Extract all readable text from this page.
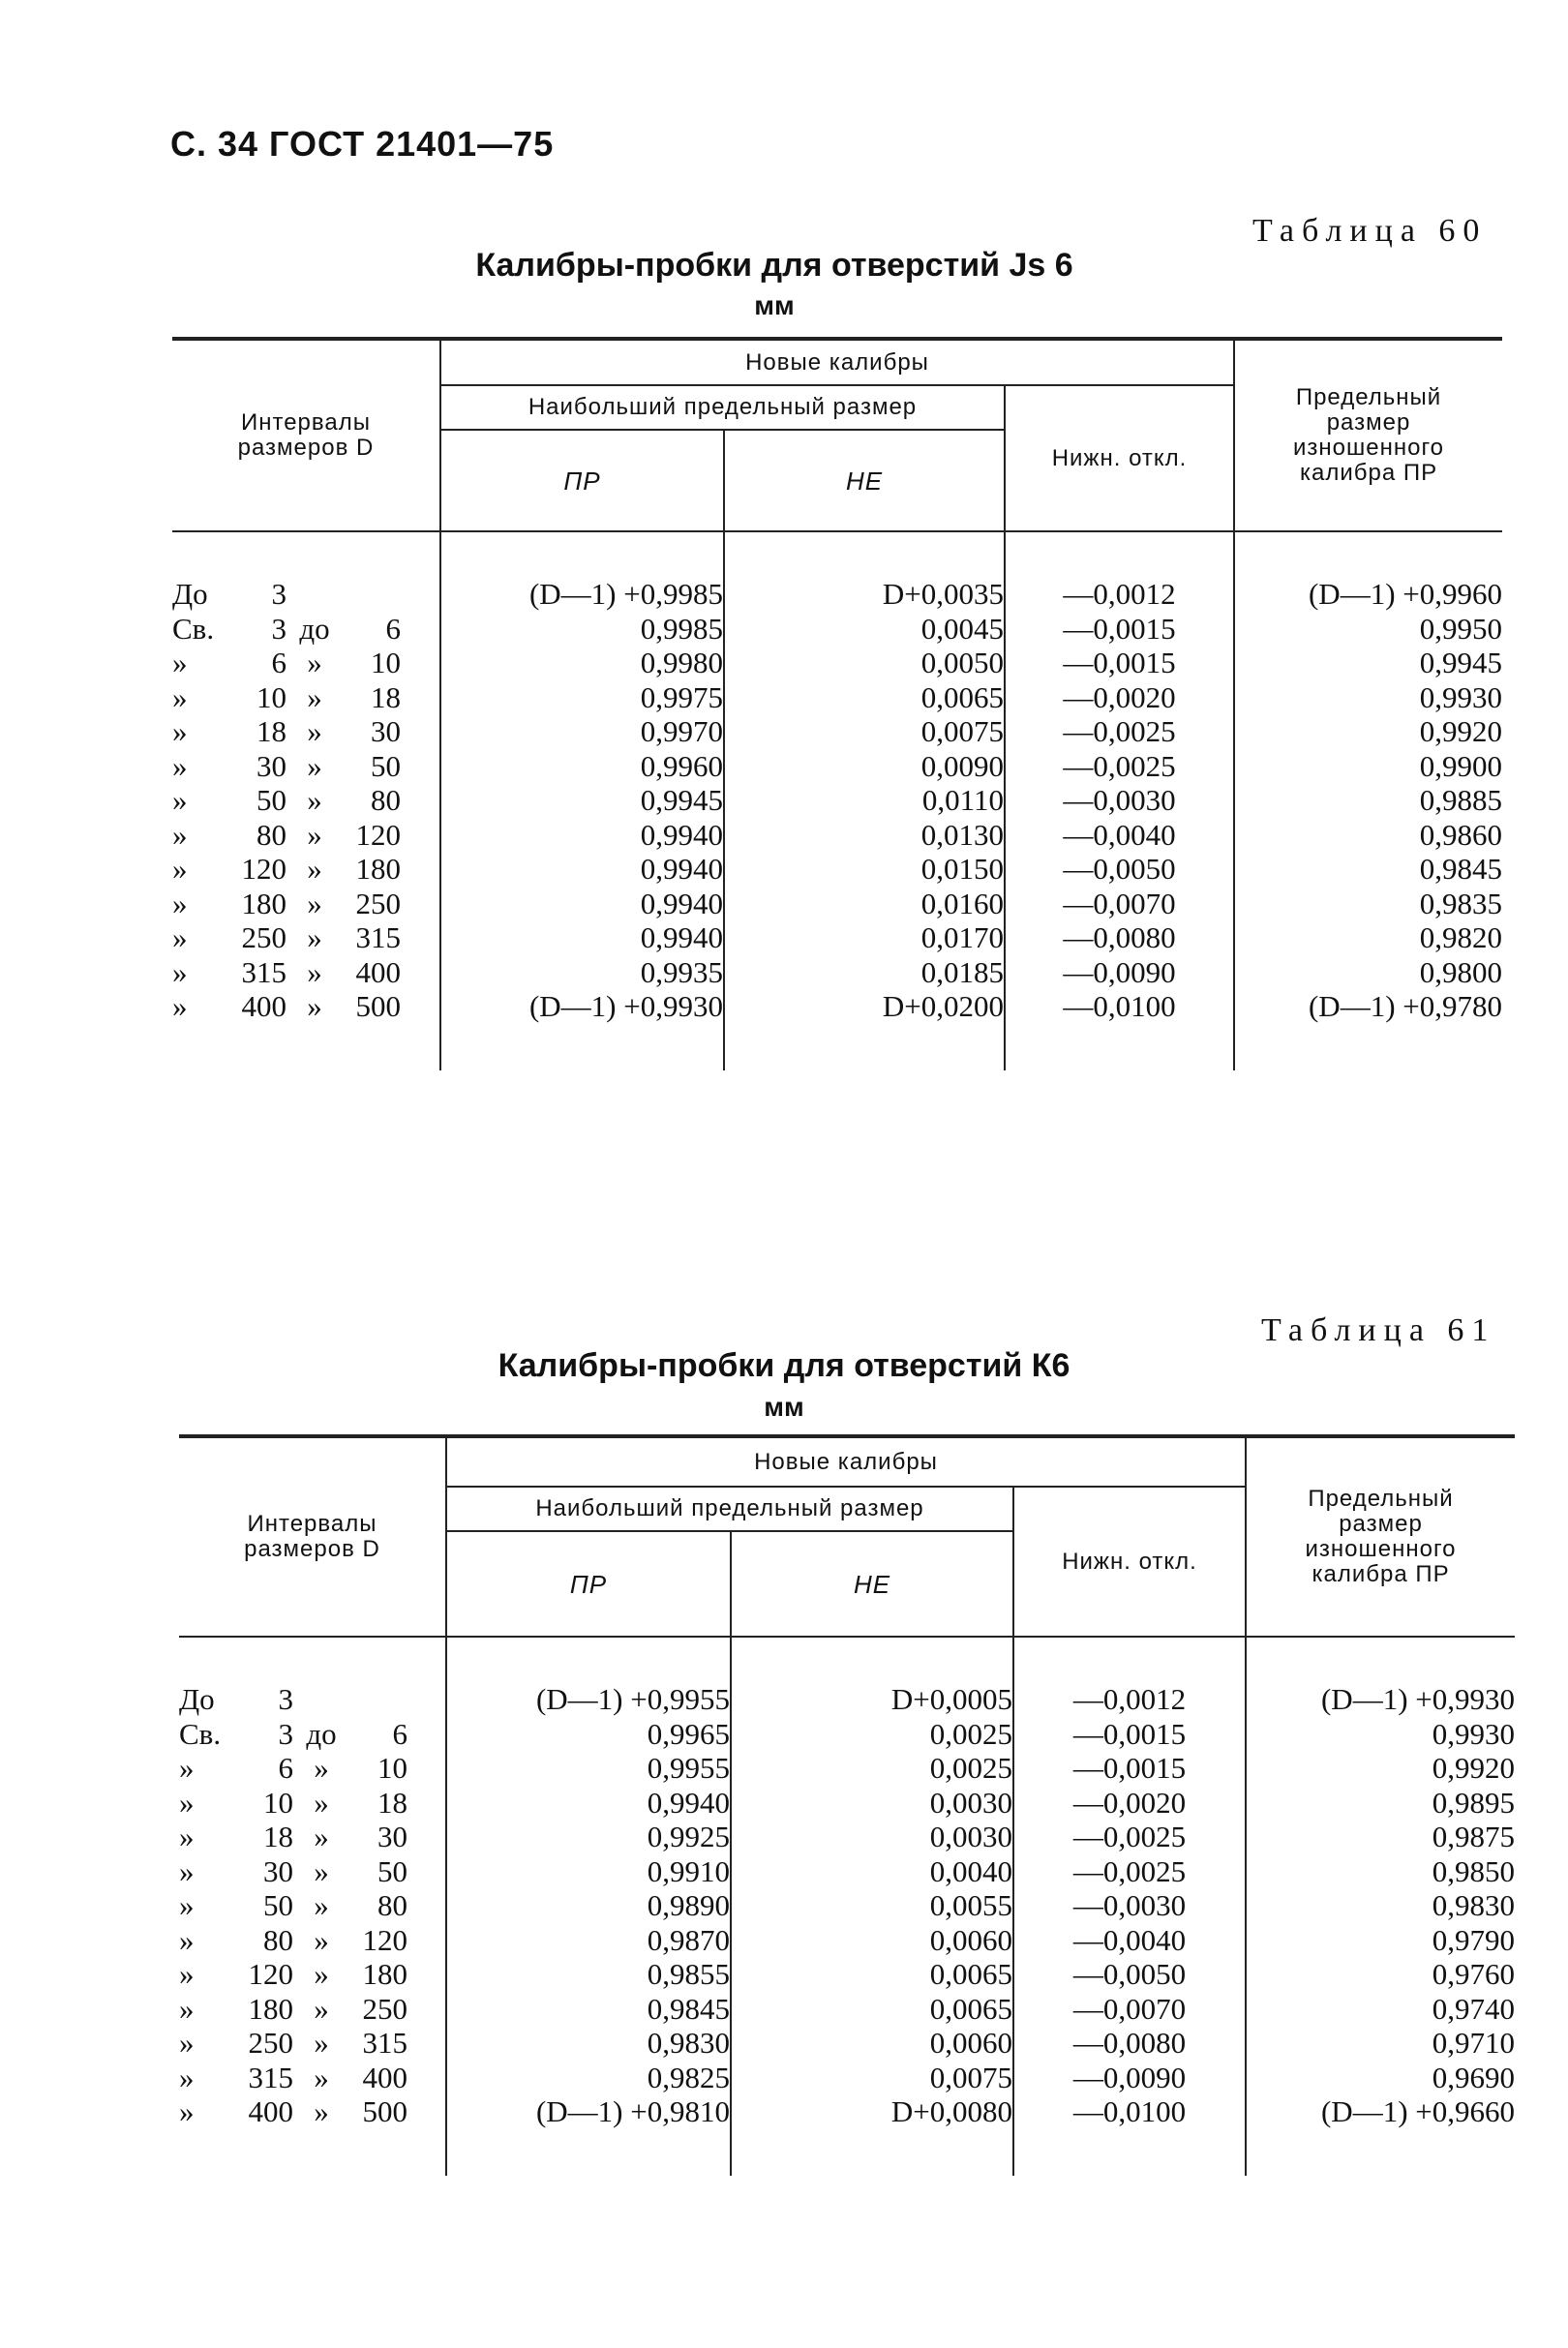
С. 34 ГОСТ 21401—75
Таблица 60
Калибры-пробки для отверстий Js 6
мм
Интервалы размеров D	Новые калибры			Предельный размер изношенного калибра ПР
	Наибольший предельный размер		Нижн. откл.	
	ПР	НЕ		

До 3	(D—1) +0,9985	D+0,0035	—0,0012	(D—1) +0,9960
Св. 3 до 6	0,9985	0,0045	—0,0015	0,9950
» 6 » 10	0,9980	0,0050	—0,0015	0,9945
» 10 » 18	0,9975	0,0065	—0,0020	0,9930
» 18 » 30	0,9970	0,0075	—0,0025	0,9920
» 30 » 50	0,9960	0,0090	—0,0025	0,9900
» 50 » 80	0,9945	0,0110	—0,0030	0,9885
» 80 » 120	0,9940	0,0130	—0,0040	0,9860
» 120 » 180	0,9940	0,0150	—0,0050	0,9845
» 180 » 250	0,9940	0,0160	—0,0070	0,9835
» 250 » 315	0,9940	0,0170	—0,0080	0,9820
» 315 » 400	0,9935	0,0185	—0,0090	0,9800
» 400 » 500	(D—1) +0,9930	D+0,0200	—0,0100	(D—1) +0,9780

Таблица 61
Калибры-пробки для отверстий К6
мм
Интервалы размеров D	Новые калибры			Предельный размер изношенного калибра ПР
	Наибольший предельный размер		Нижн. откл.	
	ПР	НЕ		

До 3	(D—1) +0,9955	D+0,0005	—0,0012	(D—1) +0,9930
Св. 3 до 6	0,9965	0,0025	—0,0015	0,9930
» 6 » 10	0,9955	0,0025	—0,0015	0,9920
» 10 » 18	0,9940	0,0030	—0,0020	0,9895
» 18 » 30	0,9925	0,0030	—0,0025	0,9875
» 30 » 50	0,9910	0,0040	—0,0025	0,9850
» 50 » 80	0,9890	0,0055	—0,0030	0,9830
» 80 » 120	0,9870	0,0060	—0,0040	0,9790
» 120 » 180	0,9855	0,0065	—0,0050	0,9760
» 180 » 250	0,9845	0,0065	—0,0070	0,9740
» 250 » 315	0,9830	0,0060	—0,0080	0,9710
» 315 » 400	0,9825	0,0075	—0,0090	0,9690
» 400 » 500	(D—1) +0,9810	D+0,0080	—0,0100	(D—1) +0,9660
